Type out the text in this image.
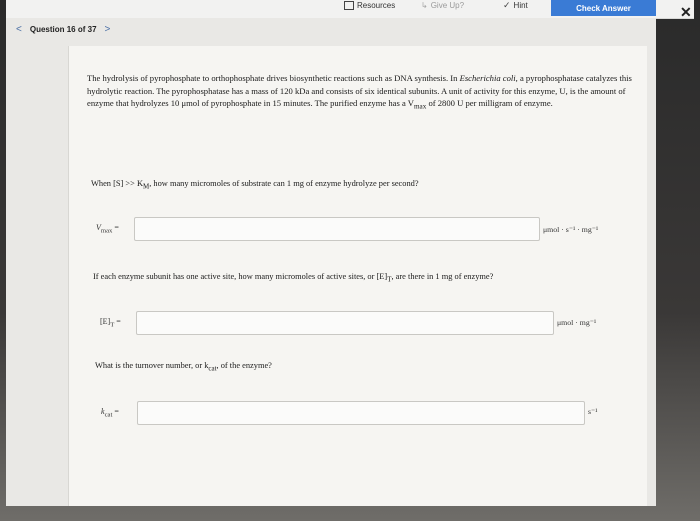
Resources	↳ Give Up?	✓ Hint	Check Answer	✕
< Question 16 of 37 >
The hydrolysis of pyrophosphate to orthophosphate drives biosynthetic reactions such as DNA synthesis. In Escherichia coli, a pyrophosphatase catalyzes this hydrolytic reaction. The pyrophosphatase has a mass of 120 kDa and consists of six identical subunits. A unit of activity for this enzyme, U, is the amount of enzyme that hydrolyzes 10 μmol of pyrophosphate in 15 minutes. The purified enzyme has a $V_{max}$ of 2800 U per milligram of enzyme.
When $[S] >> K_M$, how many micromoles of substrate can 1 mg of enzyme hydrolyze per second?
$V_{max}$ =	μmol · s⁻¹ · mg⁻¹
If each enzyme subunit has one active site, how many micromoles of active sites, or $[E]_T$, are there in 1 mg of enzyme?
$[E]_T$ =	μmol · mg⁻¹
What is the turnover number, or $k_{cat}$, of the enzyme?
$k_{cat}$ =	s⁻¹
